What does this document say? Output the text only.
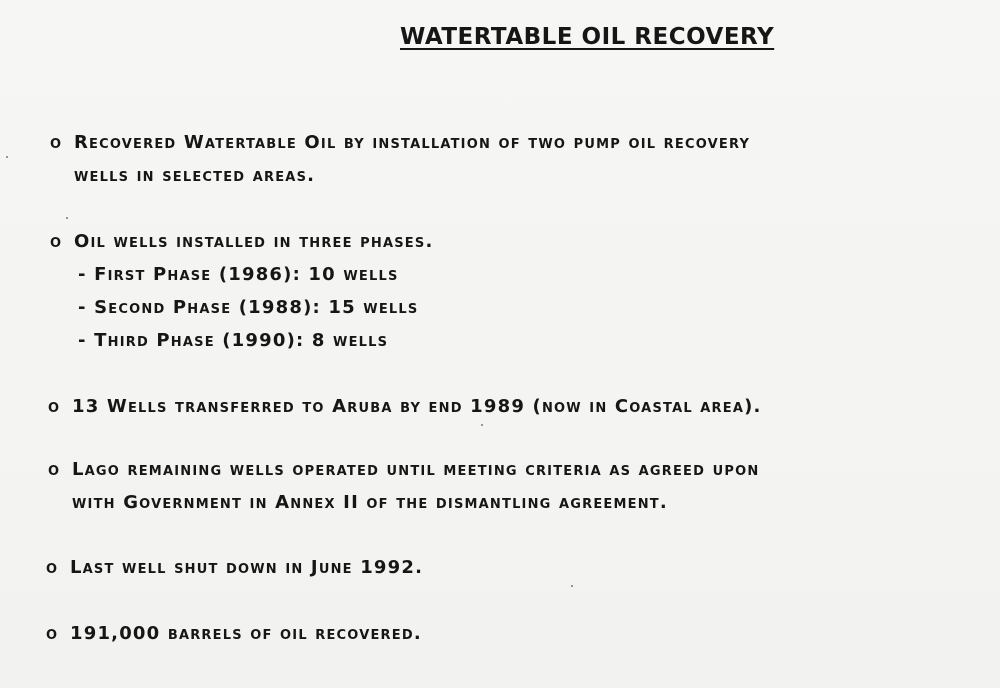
WATERTABLE OIL RECOVERY
o Recovered Watertable Oil by installation of two pump oil recovery
wells in selected areas.
o Oil wells installed in three phases.
- First Phase (1986): 10 wells
- Second Phase (1988): 15 wells
- Third Phase (1990): 8 wells
o 13 Wells transferred to Aruba by end 1989 (now in Coastal area).
o Lago remaining wells operated until meeting criteria as agreed upon
with Government in Annex II of the dismantling agreement.
o Last well shut down in June 1992.
o 191,000 barrels of oil recovered.
